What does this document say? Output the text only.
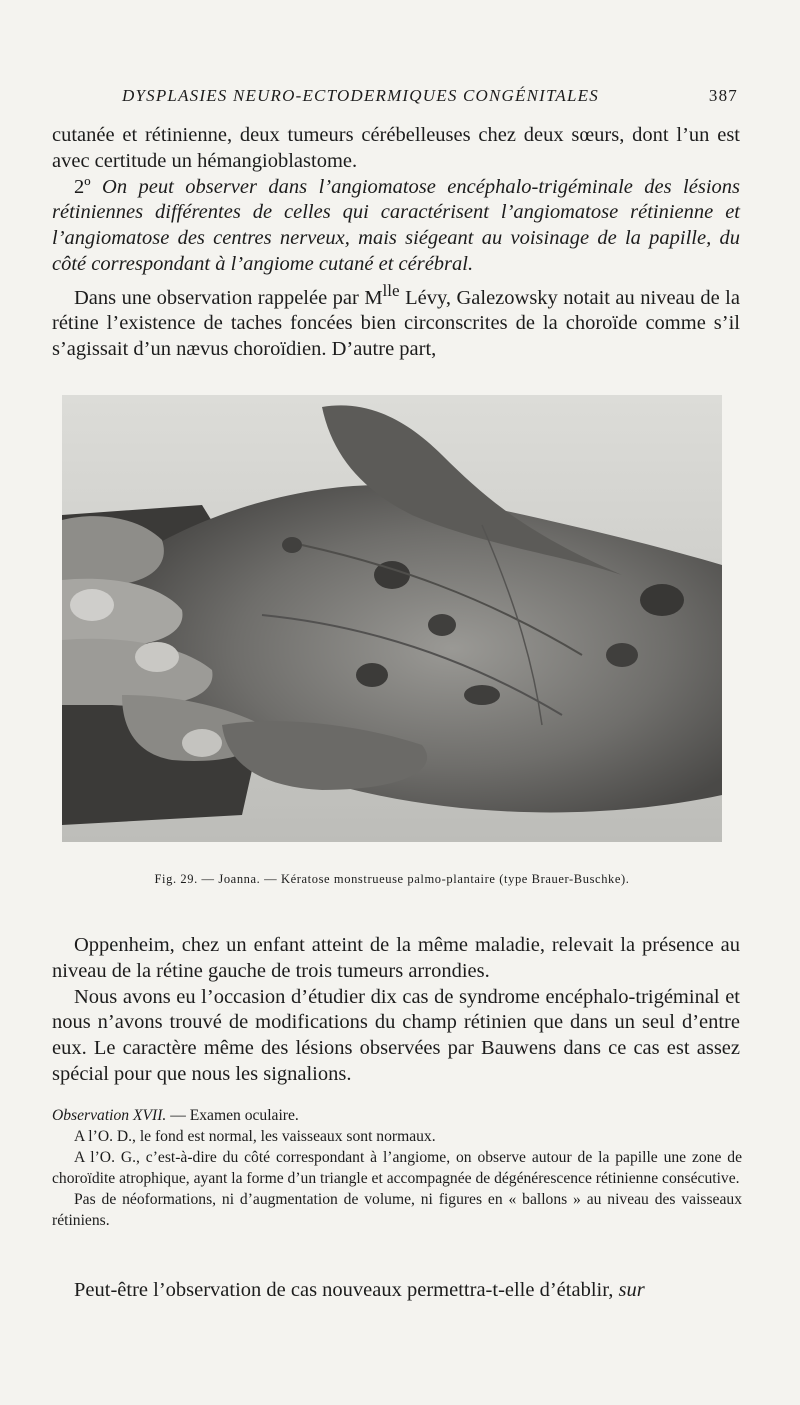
DYSPLASIES NEURO-ECTODERMIQUES CONGÉNITALES	387

cutanée et rétinienne, deux tumeurs cérébelleuses chez deux sœurs, dont l’un est avec certitude un hémangioblastome.

2º On peut observer dans l’angiomatose encéphalo-trigéminale des lésions rétiniennes différentes de celles qui caractérisent l’angiomatose rétinienne et l’angiomatose des centres nerveux, mais siégeant au voisinage de la papille, du côté correspondant à l’angiome cutané et cérébral.

Dans une observation rappelée par $M^{lle}$ Lévy, Galezowsky notait au niveau de la rétine l’existence de taches foncées bien circonscrites de la choroïde comme s’il s’agissait d’un nævus choroïdien. D’autre part,

Fig. 29. — Joanna. — Kératose monstrueuse palmo-plantaire (type Brauer-Buschke).

Oppenheim, chez un enfant atteint de la même maladie, relevait la présence au niveau de la rétine gauche de trois tumeurs arrondies.

Nous avons eu l’occasion d’étudier dix cas de syndrome encéphalo-trigéminal et nous n’avons trouvé de modifications du champ rétinien que dans un seul d’entre eux. Le caractère même des lésions observées par Bauwens dans ce cas est assez spécial pour que nous les signalions.

Observation XVII. — Examen oculaire.

A l’O. D., le fond est normal, les vaisseaux sont normaux.

A l’O. G., c’est-à-dire du côté correspondant à l’angiome, on observe autour de la papille une zone de choroïdite atrophique, ayant la forme d’un triangle et accompagnée de dégénérescence rétinienne consécutive.

Pas de néoformations, ni d’augmentation de volume, ni figures en « ballons » au niveau des vaisseaux rétiniens.

Peut-être l’observation de cas nouveaux permettra-t-elle d’établir, sur
